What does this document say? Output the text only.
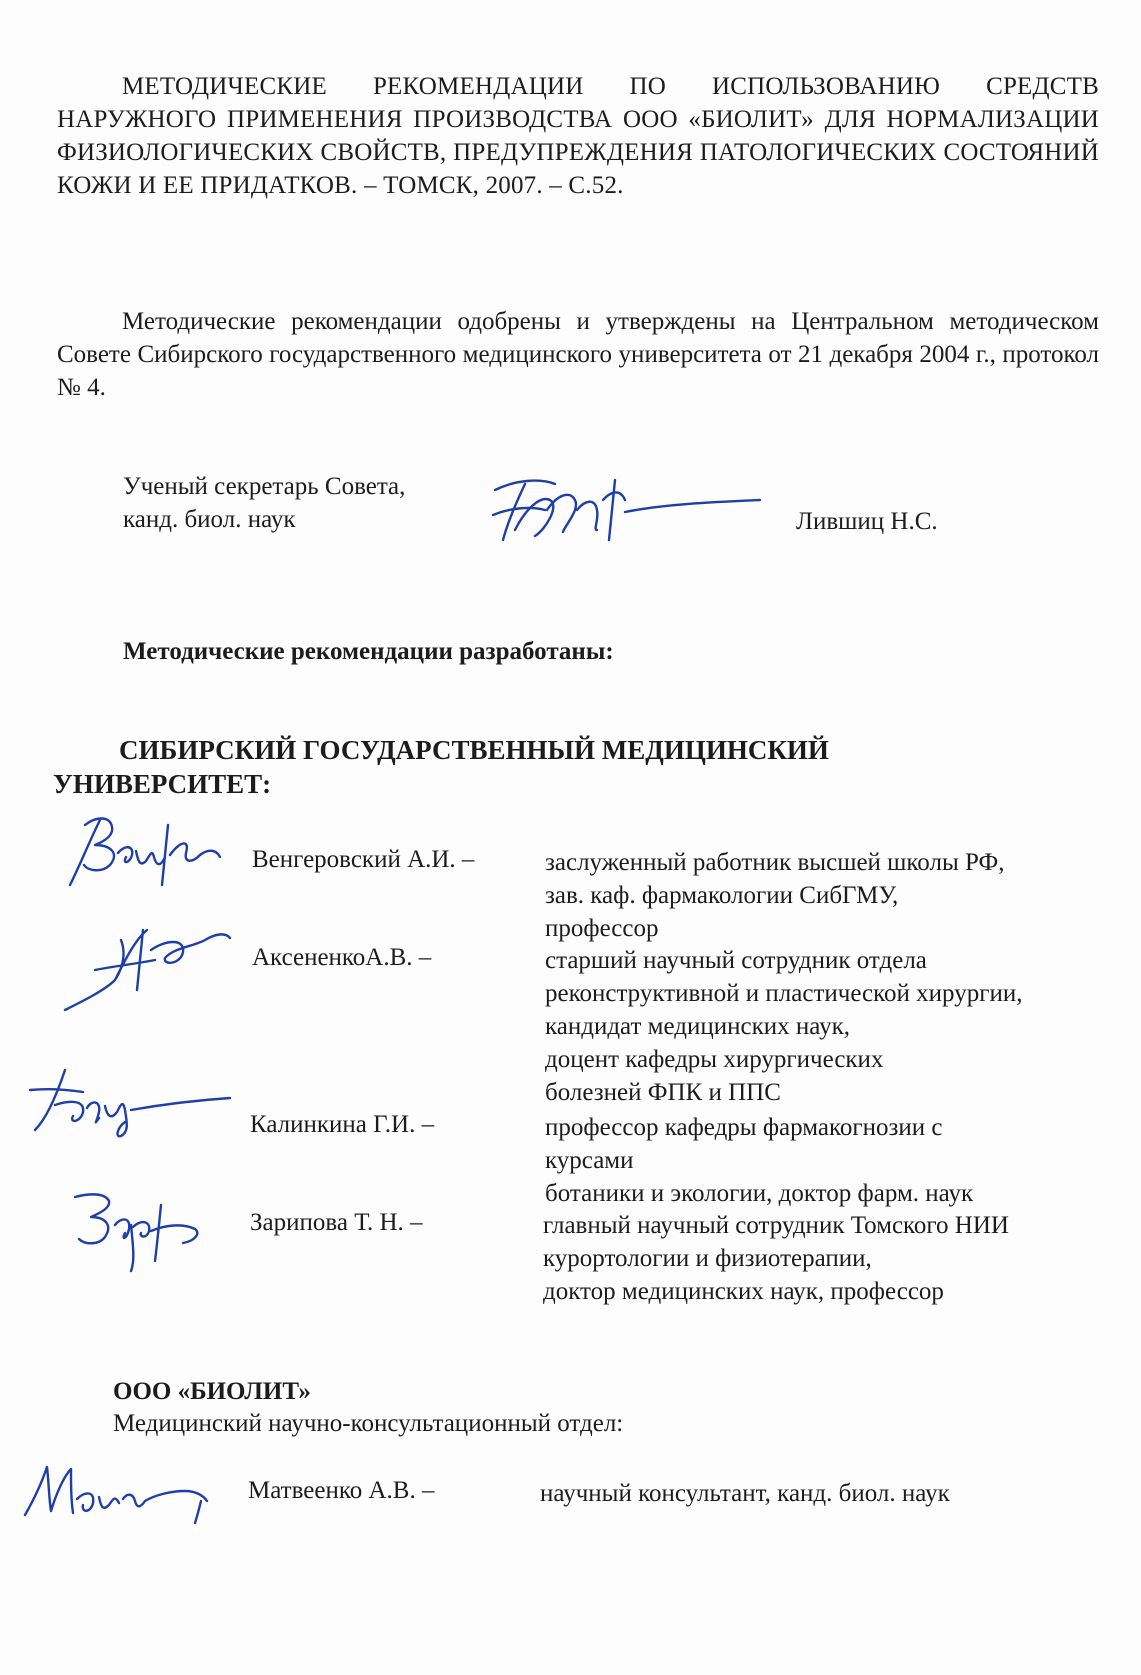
МЕТОДИЧЕСКИЕ РЕКОМЕНДАЦИИ ПО ИСПОЛЬЗОВАНИЮ СРЕДСТВ НАРУЖНОГО ПРИМЕНЕНИЯ ПРОИЗВОДСТВА ООО «БИОЛИТ» ДЛЯ НОРМАЛИЗАЦИИ ФИЗИОЛОГИЧЕСКИХ СВОЙСТВ, ПРЕДУПРЕЖДЕНИЯ ПАТОЛОГИЧЕСКИХ СОСТОЯНИЙ КОЖИ И ЕЕ ПРИДАТКОВ. – ТОМСК, 2007. – С.52.
Методические рекомендации одобрены и утверждены на Центральном методическом Совете Сибирского государственного медицинского университета от 21 декабря 2004 г., протокол № 4.
Ученый секретарь Совета,
канд. биол. наук	Лившиц Н.С.
Методические рекомендации разработаны:
СИБИРСКИЙ ГОСУДАРСТВЕННЫЙ МЕДИЦИНСКИЙ УНИВЕРСИТЕТ:
Венгеровский А.И. –	заслуженный работник высшей школы РФ,
зав. каф. фармакологии СибГМУ,
профессор
АксененкоА.В. –	старший научный сотрудник отдела
реконструктивной и пластической хирургии,
кандидат медицинских наук,
доцент кафедры хирургических
болезней ФПК и ППС
Калинкина Г.И. –	профессор кафедры фармакогнозии с
курсами
ботаники и экологии, доктор фарм. наук
Зарипова Т. Н. –	главный научный сотрудник Томского НИИ
курортологии и физиотерапии,
доктор медицинских наук, профессор
ООО «БИОЛИТ»
Медицинский научно-консультационный отдел:
Матвеенко А.В. –	научный консультант, канд. биол. наук
